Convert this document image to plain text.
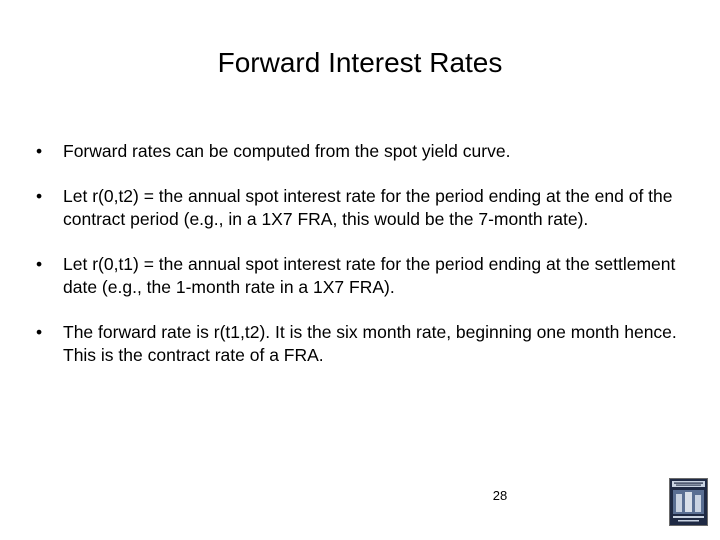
Forward Interest Rates
• Forward rates can be computed from the spot yield curve.
• Let r(0,t2) = the annual spot interest rate for the period ending at the end of the contract period (e.g., in a 1X7 FRA, this would be the 7-month rate).
• Let r(0,t1) = the annual spot interest rate for the period ending at the settlement date (e.g., the 1-month rate in a 1X7 FRA).
• The forward rate is r(t1,t2). It is the six month rate, beginning one month hence. This is the contract rate of a FRA.
28
